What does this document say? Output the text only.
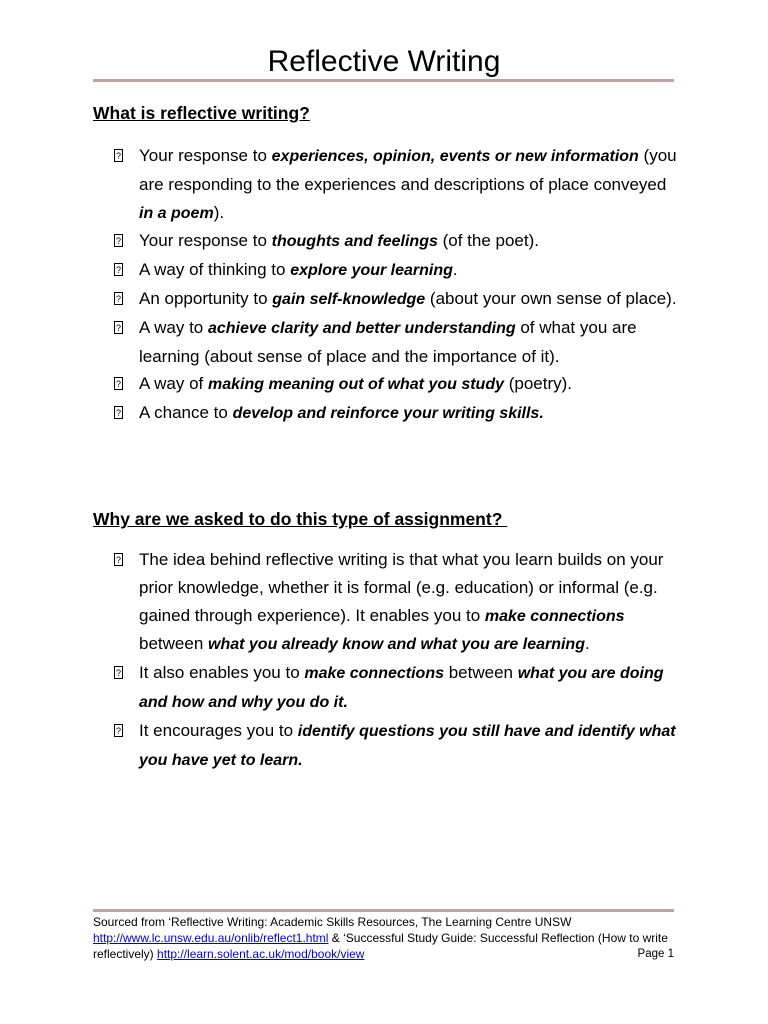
Reflective Writing
What is reflective writing?
? Your response to experiences, opinion, events or new information (you are responding to the experiences and descriptions of place conveyed in a poem).
? Your response to thoughts and feelings (of the poet).
? A way of thinking to explore your learning.
? An opportunity to gain self-knowledge (about your own sense of place).
? A way to achieve clarity and better understanding of what you are learning (about sense of place and the importance of it).
? A way of making meaning out of what you study (poetry).
? A chance to develop and reinforce your writing skills.
Why are we asked to do this type of assignment?
? The idea behind reflective writing is that what you learn builds on your prior knowledge, whether it is formal (e.g. education) or informal (e.g. gained through experience). It enables you to make connections between what you already know and what you are learning.
? It also enables you to make connections between what you are doing and how and why you do it.
? It encourages you to identify questions you still have and identify what you have yet to learn.
Sourced from ‘Reflective Writing: Academic Skills Resources, The Learning Centre UNSW
http://www.lc.unsw.edu.au/onlib/reflect1.html & ‘Successful Study Guide: Successful Reflection (How to write reflectively) http://learn.solent.ac.uk/mod/book/view	Page 1
